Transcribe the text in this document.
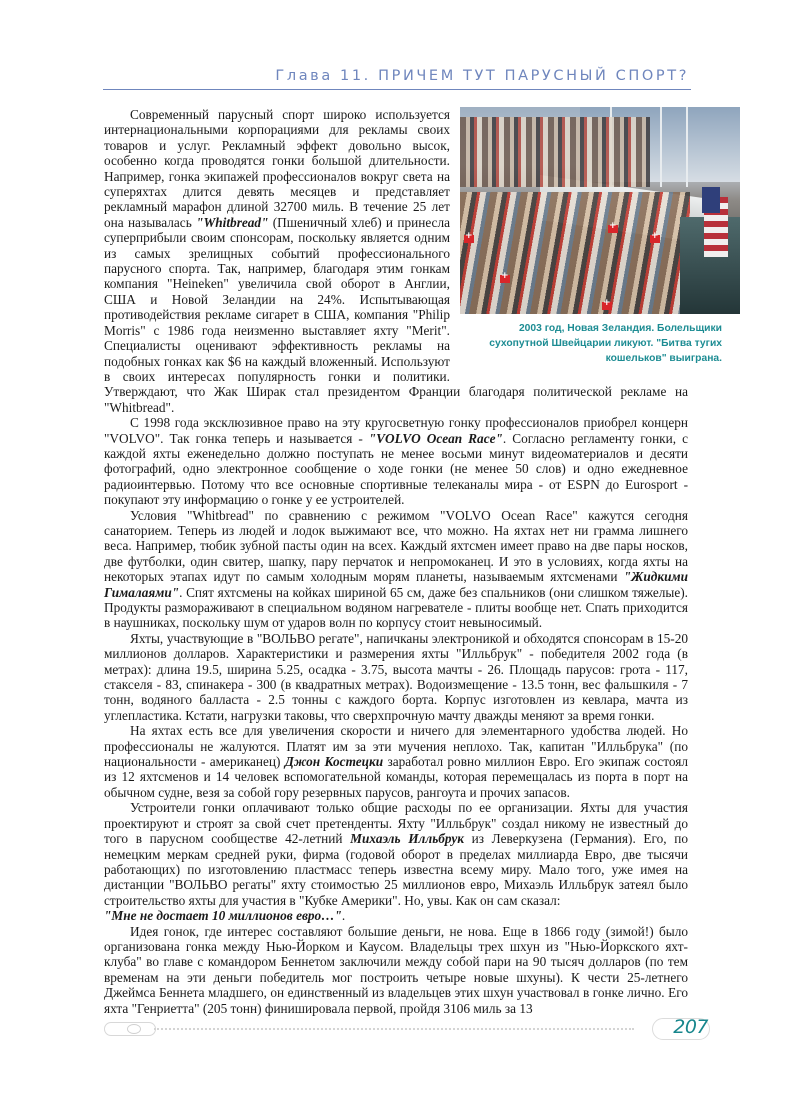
Глава 11. ПРИЧЕМ ТУТ ПАРУСНЫЙ СПОРТ?
+
+
+
+
+
2003 год, Новая Зеландия. Болельщики сухопутной Швейцарии ликуют. "Битва тугих кошельков" выиграна.

Современный парусный спорт широко используется интернациональными корпорациями для рекламы своих товаров и услуг. Рекламный эффект довольно высок, особенно когда проводятся гонки большой длительности. Например, гонка экипажей профессионалов вокруг света на суперяхтах длится девять месяцев и представляет рекламный марафон длиной 32700 миль. В течение 25 лет она называлась "Whitbread" (Пшеничный хлеб) и принесла суперприбыли своим спонсорам, поскольку является одним из самых зрелищных событий профессионального парусного спорта. Так, например, благодаря этим гонкам компания "Heineken" увеличила свой оборот в Англии, США и Новой Зеландии на 24%. Испытывающая противодействия рекламе сигарет в США, компания "Philip Morris" с 1986 года неизменно выставляет яхту "Merit". Специалисты оценивают эффективность рекламы на подобных гонках как $6 на каждый вложенный. Используют в своих интересах популярность гонки и политики. Утверждают, что Жак Ширак стал президентом Франции благодаря политической рекламе на "Whitbread".

С 1998 года эксклюзивное право на эту кругосветную гонку профессионалов приобрел концерн "VOLVO". Так гонка теперь и называется - "VOLVO Ocean Race". Согласно регламенту гонки, с каждой яхты еженедельно должно поступать не менее восьми минут видеоматериалов и десяти фотографий, одно электронное сообщение о ходе гонки (не менее 50 слов) и одно ежедневное радиоинтервью. Потому что все основные спортивные телеканалы мира - от ESPN до Eurosport - покупают эту информацию о гонке у ее устроителей.

Условия "Whitbread" по сравнению с режимом "VOLVO Ocean Race" кажутся сегодня санаторием. Теперь из людей и лодок выжимают все, что можно. На яхтах нет ни грамма лишнего веса. Например, тюбик зубной пасты один на всех. Каждый яхтсмен имеет право на две пары носков, две футболки, один свитер, шапку, пару перчаток и непромоканец. И это в условиях, когда яхты на некоторых этапах идут по самым холодным морям планеты, называемым яхтсменами "Жидкими Гималаями". Спят яхтсмены на койках шириной 65 см, даже без спальников (они слишком тяжелые). Продукты размораживают в специальном водяном нагревателе - плиты вообще нет. Спать приходится в наушниках, поскольку шум от ударов волн по корпусу стоит невыносимый.

Яхты, участвующие в "ВОЛЬВО регате", напичканы электроникой и обходятся спонсорам в 15-20 миллионов долларов. Характеристики и размерения яхты "Илльбрук" - победителя 2002 года (в метрах): длина 19.5, ширина 5.25, осадка - 3.75, высота мачты - 26. Площадь парусов: грота - 117, стакселя - 83, спинакера - 300 (в квадратных метрах). Водоизмещение - 13.5 тонн, вес фальшкиля - 7 тонн, водяного балласта - 2.5 тонны с каждого борта. Корпус изготовлен из кевлара, мачта из углепластика. Кстати, нагрузки таковы, что сверхпрочную мачту дважды меняют за время гонки.

На яхтах есть все для увеличения скорости и ничего для элементарного удобства людей. Но профессионалы не жалуются. Платят им за эти мучения неплохо. Так, капитан "Илльбрука" (по национальности - американец) Джон Костецки заработал ровно миллион Евро. Его экипаж состоял из 12 яхтсменов и 14 человек вспомогательной команды, которая перемещалась из порта в порт на обычном судне, везя за собой гору резервных парусов, рангоута и прочих запасов.

Устроители гонки оплачивают только общие расходы по ее организации. Яхты для участия проектируют и строят за свой счет претенденты. Яхту "Илльбрук" создал никому не известный до того в парусном сообществе 42-летний Михаэль Илльбрук из Леверкузена (Германия). Его, по немецким меркам средней руки, фирма (годовой оборот в пределах миллиарда Евро, две тысячи работающих) по изготовлению пластмасс теперь известна всему миру. Мало того, уже имея на дистанции "ВОЛЬВО регаты" яхту стоимостью 25 миллионов евро, Михаэль Илльбрук затеял было строительство яхты для участия в "Кубке Америки". Но, увы. Как он сам сказал:
"Мне не достает 10 миллионов евро…".

Идея гонок, где интерес составляют большие деньги, не нова. Еще в 1866 году (зимой!) было организована гонка между Нью-Йорком и Каусом. Владельцы трех шхун из "Нью-Йоркского яхт-клуба" во главе с командором Беннетом заключили между собой пари на 90 тысяч долларов (по тем временам на эти деньги победитель мог построить четыре новые шхуны). К чести 25-летнего Джеймса Беннета младшего, он единственный из владельцев этих шхун участвовал в гонке лично. Его яхта "Генриетта" (205 тонн) финишировала первой, пройдя 3106 миль за 13

207
